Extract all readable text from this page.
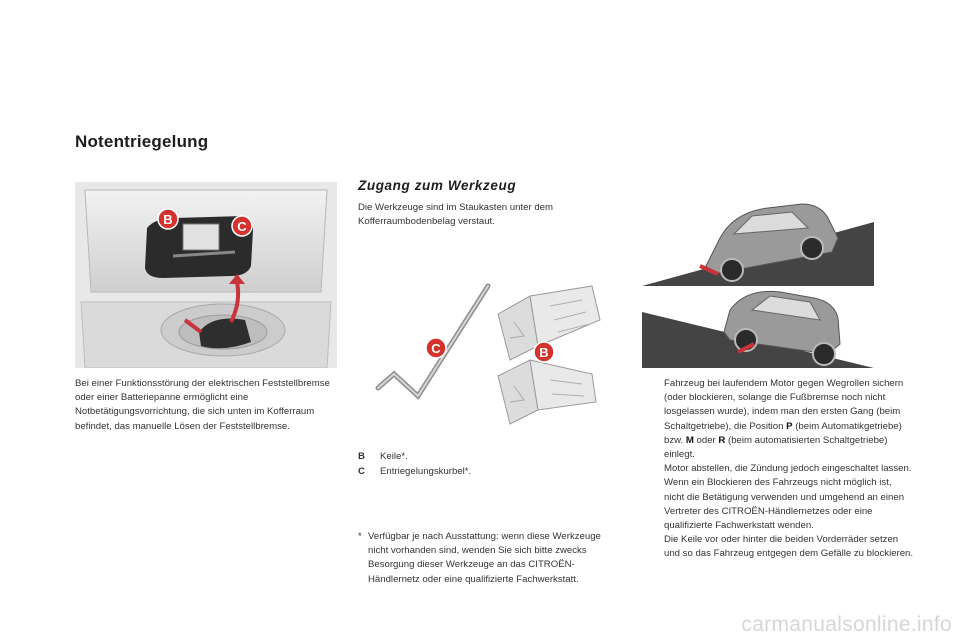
Notentriegelung
B	C
Bei einer Funktionsstörung der elektrischen Feststellbremse oder einer Batteriepanne ermöglicht eine Notbetätigungsvorrichtung, die sich unten im Kofferraum befindet, das manuelle Lösen der Feststellbremse.
Zugang zum Werkzeug
Die Werkzeuge sind im Staukasten unter dem Kofferraumbodenbelag verstaut.
C	B
B	Keile*.
C	Entriegelungskurbel*.
* Verfügbar je nach Ausstattung: wenn diese Werkzeuge nicht vorhanden sind, wenden Sie sich bitte zwecks Besorgung dieser Werkzeuge an das CITROËN-Händlernetz oder eine qualifizierte Fachwerkstatt.
Fahrzeug bei laufendem Motor gegen Wegrollen sichern (oder blockieren, solange die Fußbremse noch nicht losgelassen wurde), indem man den ersten Gang (beim Schaltgetriebe), die Position P (beim Automatikgetriebe) bzw. M oder R (beim automatisierten Schaltgetriebe) einlegt.
Motor abstellen, die Zündung jedoch eingeschaltet lassen. Wenn ein Blockieren des Fahrzeugs nicht möglich ist, nicht die Betätigung verwenden und umgehend an einen Vertreter des CITROËN-Händlernetzes oder eine qualifizierte Fachwerkstatt wenden.
Die Keile vor oder hinter die beiden Vorderräder setzen und so das Fahrzeug entgegen dem Gefälle zu blockieren.
carmanualsonline.info
